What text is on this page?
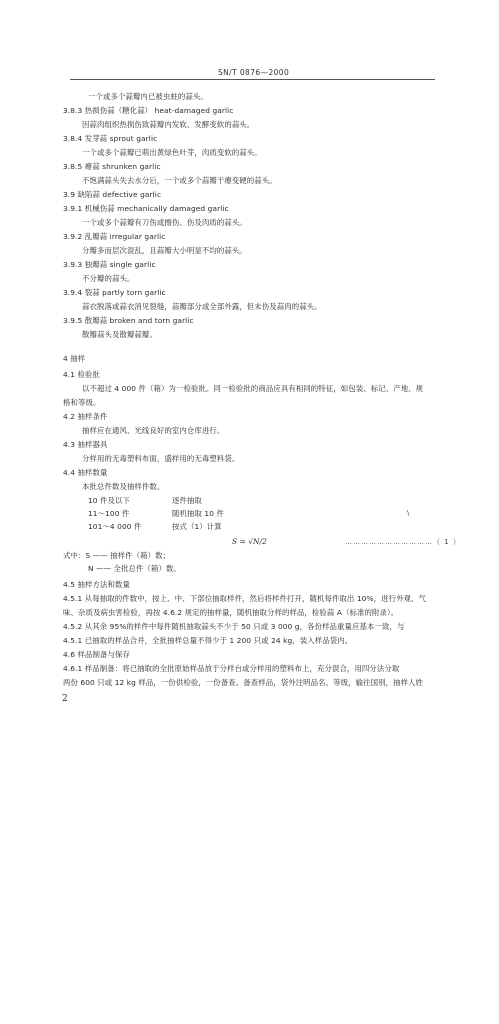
SN/T 0876—2000
一个或多个蒜瓣内已被虫蛀的蒜头。
3.8.3 热损伤蒜（糖化蒜） heat-damaged garlic
因蒜肉组织热损伤致蒜瓣内发软、发酵变软的蒜头。
3.8.4 发芽蒜 sprout garlic
一个或多个蒜瓣已萌出黄绿色叶芽，肉质变软的蒜头。
3.8.5 瘪蒜 shrunken garlic
不饱满蒜头失去水分后，一个或多个蒜瓣干瘪变硬的蒜头。
3.9 缺陷蒜 defective garlic
3.9.1 机械伤蒜 mechanically damaged garlic
一个或多个蒜瓣有刀伤或擦伤、伤及肉质的蒜头。
3.9.2 乱瓣蒜 irregular garlic
分瓣多而层次混乱，且蒜瓣大小明显不均的蒜头。
3.9.3 独瓣蒜 single garlic
不分瓣的蒜头。
3.9.4 裂蒜 partly torn garlic
蒜衣脱落或蒜衣消见裂缝，蒜瓣部分或全部外露，但未伤及蒜肉的蒜头。
3.9.5 散瓣蒜 broken and torn garlic
散瓣蒜头及散瓣蒜瓣。
4 抽样
4.1 检验批
以不超过 4 000 件（箱）为一检验批。同一检验批的商品应具有相同的特征，如包装、标记、产地、规
格和等级。
4.2 抽样条件
抽样应在通风、光线良好的室内仓库进行。
4.3 抽样器具
分样用的无毒塑料布面，盛样用的无毒塑料袋。
4.4 抽样数量
本批总件数及抽样件数。
10 件及以下	逐件抽取
11～100 件	随机抽取 10 件
101～4 000 件	按式（1）计算
S = √N/2	……………………………（ 1 ）
\
式中：S —— 抽样件（箱）数；
N —— 全批总件（箱）数。
4.5 抽样方法和数量
4.5.1 从每抽取的件数中，按上、中、下部位抽取样件，然后将样件打开，随机每件取出 10%，进行外观、气
味、杂质及病虫害检验，再按 4.6.2 规定的抽样量，随机抽取分样的样品，检验蒜 A（标准的附录）。
4.5.2 从其余 95%的样件中每件随机抽取蒜头不少于 50 只或 3 000 g，各份样品重量应基本一致，与
4.5.1 已抽取的样品合并，全批抽样总量不得少于 1 200 只或 24 kg，装入样品袋内。
4.6 样品制备与保存
4.6.1 样品制备：将已抽取的全批原始样品放于分样台或分样用的塑料布上，充分混合，用四分法分取
两份 600 只或 12 kg 样品，一份供检验，一份备查。备查样品，袋外注明品名、等级，输往国别，抽样人姓
2
